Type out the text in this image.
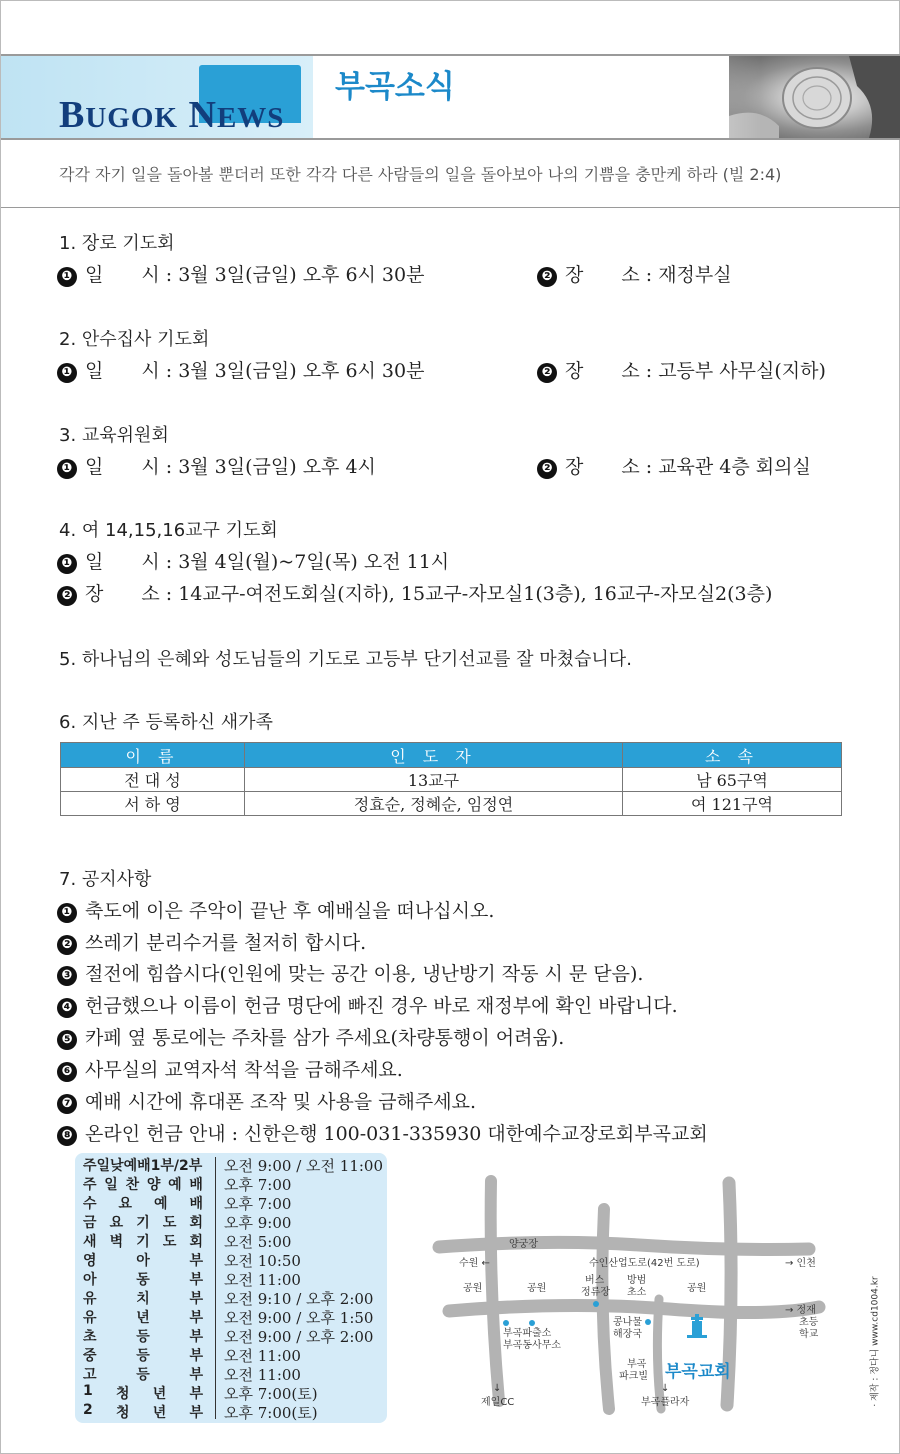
BUGOK NEWS
부곡소식
각각 자기 일을 돌아볼 뿐더러 또한 각각 다른 사람들의 일을 돌아보아 나의 기쁨을 충만케 하라 (빌 2:4)
1. 장로 기도회
❶ 일　　시 : 3월 3일(금일) 오후 6시 30분	❷ 장　　소 : 재정부실
2. 안수집사 기도회
❶ 일　　시 : 3월 3일(금일) 오후 6시 30분	❷ 장　　소 : 고등부 사무실(지하)
3. 교육위원회
❶ 일　　시 : 3월 3일(금일) 오후 4시	❷ 장　　소 : 교육관 4층 회의실
4. 여 14,15,16교구 기도회
❶ 일　　시 : 3월 4일(월)~7일(목) 오전 11시
❷ 장　　소 : 14교구-여전도회실(지하), 15교구-자모실1(3층), 16교구-자모실2(3층)
5. 하나님의 은혜와 성도님들의 기도로 고등부 단기선교를 잘 마쳤습니다.
6. 지난 주 등록하신 새가족
이 름	인 도 자	소 속
전 대 성	13교구	남 65구역
서 하 영	정효순, 정혜순, 임정연	여 121구역
7. 공지사항
❶ 축도에 이은 주악이 끝난 후 예배실을 떠나십시오.
❷ 쓰레기 분리수거를 철저히 합시다.
❸ 절전에 힘씁시다(인원에 맞는 공간 이용, 냉난방기 작동 시 문 닫음).
❹ 헌금했으나 이름이 헌금 명단에 빠진 경우 바로 재정부에 확인 바랍니다.
❺ 카페 옆 통로에는 주차를 삼가 주세요(차량통행이 어려움).
❻ 사무실의 교역자석 착석을 금해주세요.
❼ 예배 시간에 휴대폰 조작 및 사용을 금해주세요.
❽ 온라인 헌금 안내 : 신한은행 100-031-335930 대한예수교장로회부곡교회
주일낮예배1부/2부 오전 9:00 / 오전 11:00
주 일 찬 양 예 배 오후 7:00
수 요 예 배 오후 7:00
금 요 기 도 회 오후 9:00
새 벽 기 도 회 오전 5:00
영	아	부 오전 10:50
아	동	부 오전 11:00
유	치	부 오전 9:10 / 오후 2:00
유	년	부 오전 9:00 / 오후 1:50
초	등	부 오전 9:00 / 오후 2:00
중	등	부 오전 11:00
고	등	부 오전 11:00
1 청 년 부 오후 7:00(토)
2 청 년 부 오후 7:00(토)
양궁장
수원 ←	수인산업도로(42번 도로)	→ 인천
공원	공원	공원
버스
정류장
방범
초소
→ 정재
초등
학교
부곡파출소
부곡동사무소
콩나물
해장국
부곡
파크빌 부곡교회
↓
제일CC
↓
부곡플라자	· 제작 : 정다니 www.cd1004.kr
